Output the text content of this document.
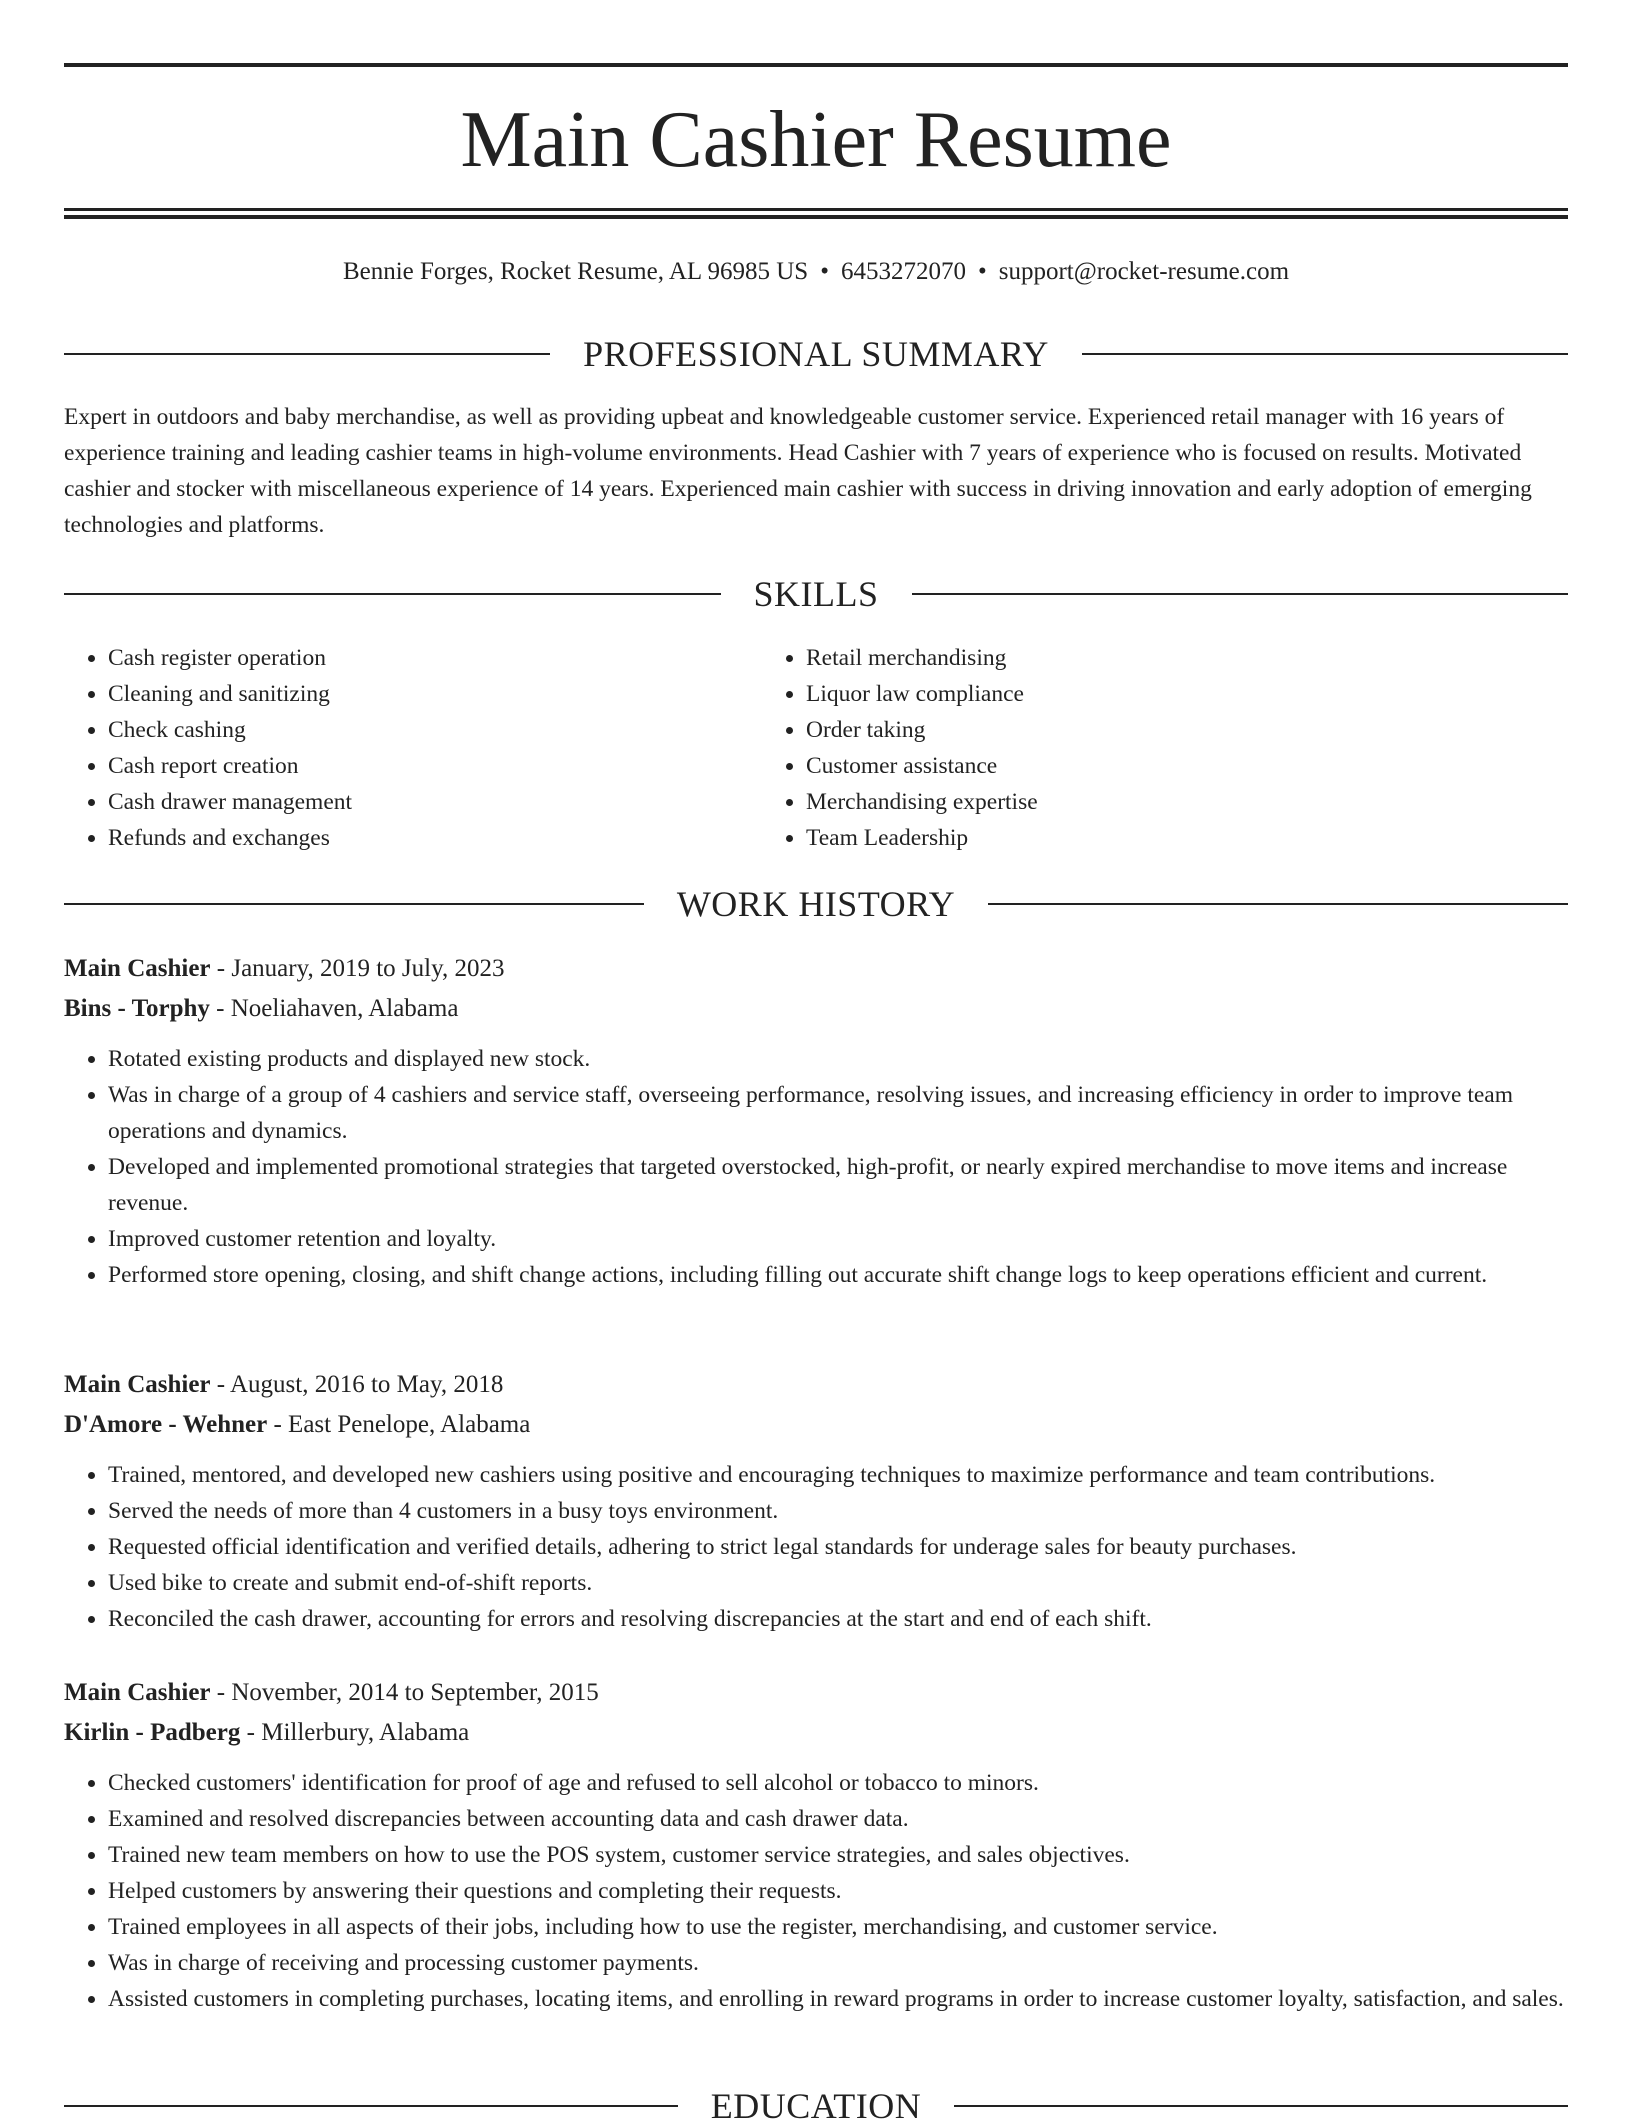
Main Cashier Resume
Bennie Forges, Rocket Resume, AL 96985 US • 6453272070 • support@rocket-resume.com
PROFESSIONAL SUMMARY

Expert in outdoors and baby merchandise, as well as providing upbeat and knowledgeable customer service. Experienced retail manager with 16 years of experience training and leading cashier teams in high-volume environments. Head Cashier with 7 years of experience who is focused on results. Motivated cashier and stocker with miscellaneous experience of 14 years. Experienced main cashier with success in driving innovation and early adoption of emerging technologies and platforms.

SKILLS
• Cash register operation
• Cleaning and sanitizing
• Check cashing
• Cash report creation
• Cash drawer management
• Refunds and exchanges
• Retail merchandising
• Liquor law compliance
• Order taking
• Customer assistance
• Merchandising expertise
• Team Leadership
WORK HISTORY
Main Cashier - January, 2019 to July, 2023
Bins - Torphy - Noeliahaven, Alabama
• Rotated existing products and displayed new stock.
• Was in charge of a group of 4 cashiers and service staff, overseeing performance, resolving issues, and increasing efficiency in order to improve team operations and dynamics.
• Developed and implemented promotional strategies that targeted overstocked, high-profit, or nearly expired merchandise to move items and increase revenue.
• Improved customer retention and loyalty.
• Performed store opening, closing, and shift change actions, including filling out accurate shift change logs to keep operations efficient and current.
Main Cashier - August, 2016 to May, 2018
D'Amore - Wehner - East Penelope, Alabama
• Trained, mentored, and developed new cashiers using positive and encouraging techniques to maximize performance and team contributions.
• Served the needs of more than 4 customers in a busy toys environment.
• Requested official identification and verified details, adhering to strict legal standards for underage sales for beauty purchases.
• Used bike to create and submit end-of-shift reports.
• Reconciled the cash drawer, accounting for errors and resolving discrepancies at the start and end of each shift.
Main Cashier - November, 2014 to September, 2015
Kirlin - Padberg - Millerbury, Alabama
• Checked customers' identification for proof of age and refused to sell alcohol or tobacco to minors.
• Examined and resolved discrepancies between accounting data and cash drawer data.
• Trained new team members on how to use the POS system, customer service strategies, and sales objectives.
• Helped customers by answering their questions and completing their requests.
• Trained employees in all aspects of their jobs, including how to use the register, merchandising, and customer service.
• Was in charge of receiving and processing customer payments.
• Assisted customers in completing purchases, locating items, and enrolling in reward programs in order to increase customer loyalty, satisfaction, and sales.
EDUCATION
